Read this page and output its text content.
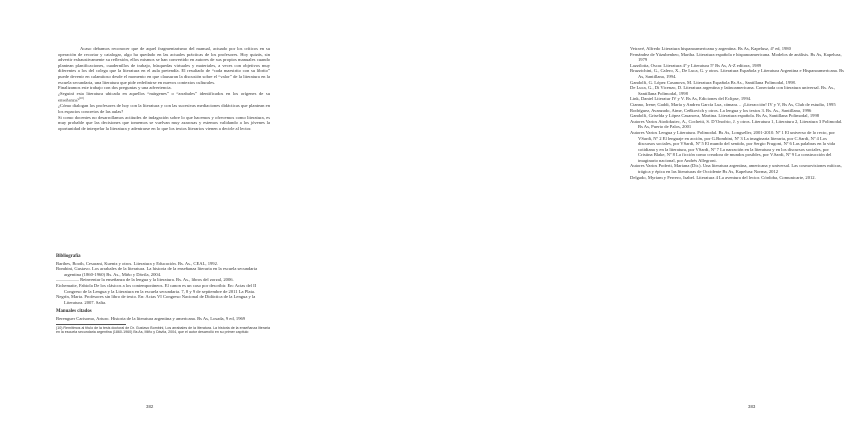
Acaso debamos reconocer que de aquel fragmentarismo del manual, actuado por los críticos en su operación de recortar y catalogar, algo ha quedado en las actuales prácticas de los profesores. Hoy quizás, sin advertir exhaustivamente su reflexión, ellos mismos se han convertido en autores de sus propios manuales cuando plantean planificaciones, cuadernillos de trabajo, búsquedas virtuales y materiales, a veces con objetivos muy diferentes a los del colega que la literatura en el aula pretendía. El resultado de “cada maestrito con su librito” puede devenir en calamitoso desde el momento en que clausuran la discusión sobre el “valor” de la literatura en la escuela secundaria, una literatura que pide redefinirse en nuevos contextos culturales.

Finalizamos este trabajo con dos preguntas y una advertencia.

¿Seguirá esta literatura ubicada en aquellos “márgenes” o “arrabales” identificados en los orígenes de su enseñanza?$^{(10)}$

¿Cómo dialogan los profesores de hoy con la literatura y con las sucesivas mediaciones didácticas que plantean en los espacios concretos de las aulas?

Si como docentes no desarrollamos actitudes de indagación sobre lo que hacemos y ofrecemos como literatura, es muy probable que las decisiones que tomemos se vuelvan muy azarosas y estemos validando a los jóvenes la oportunidad de interpelar la literatura y adentrarse en lo que los textos literarios vienen a decirle al lector.

Bibliografía

Barthes, Booth, Cesarani, Kuentz y otros. Literatura y Educación. Bs. As., CEAL, 1992.

Bombini, Gustavo. Los arrabales de la literatura. La historia de la enseñanza literaria en la escuela secundaria argentina (1860-1960) Bs. As., Miño y Dávila, 2004.

————— Reinventar la enseñanza de la lengua y la literatura. Bs. As., libros del zorzal, 2006.

Etchemaite, Fabiola De los clásicos a los contemporáneos. El canon es un caso por describir. En: Actas del II Congreso de la Lengua y la Literatura en la escuela secundaria. 7, 8 y 9 de septiembre de 2011 La Plata.

Negrín, Marta. Profesores sin libro de texto. En: Actas VI Congreso Nacional de Didáctica de la Lengua y la Literatura. 2007. Salta.

Manuales citados

Berenguer Carisomo, Arturo. Historia de la literatura argentina y americana. Bs As, Losada, 9 ed, 1969

(10) Remitimos al título de la tesis doctoral de Dr. Gustavo Bombini, Los arrabales de la literatura. La historia de la enseñanza literaria en la escuela secundaria argentina (1860-1960) Bs As, Miño y Dávila, 2004, que el autor desarrolló en su primer capítulo

382

Veiravé, Alfredo Literatura hispanoamericana y argentina. Bs As, Kapelusz, 4ª ed, 1980

Fernández de Yázubenheo, Martha. Literatura española e hispanoamericana. Modelos de análisis. Bs As, Kapelusz, 1979

Lazzilotta, Oscar. Literatura 4º y Literatura 5º Bs As, A-Z editora, 1989

Bruzzichini, G., Calero, X., De Luca, G. y otros. Literatura Española y Literatura Argentina e Hispanoamericana. Bs As, Santillana, 1994.

Gandolfi, G. López Casanova, M. Literatura Española Bs As., Santillana Polimodal, 1998.

De Luca, G., Di Vicenzo, D. Literatura argentina y latinoamericana. Conectada con literatura universal. Bs. As., Santillana Polimodal, 1998

Link, Daniel Literatur IV y V. Bs As, Ediciones del Eclipse, 1994.

Cianno, Irene; Gaddi, María y Andrea García Luz, cámara… ¡Literacción! IV y V, Bs As, Club de estudio, 1995

Rodríguez, Avanzado, Aime, Ceñkovich y otros. La lengua y los textos 3. Bs. As., Santillana, 1996

Gandolfi, Griselda y López Casanova, Martina. Literatura española. Bs As, Santillana Polimodal, 1998

Autores Varios Atodokutec, A., Cochetti, S. D’Onofrio, J. y otros. Literatura 1, Literatura 2, Literatura 3 Polimodal. Bs As, Puerto de Palos, 2001

Autores Varios Lengua y Literatura. Polimodal. Bs As, Longseller, 2001-2010. Nº 1 El universo de lo recto, por VSardi, Nº 2 El lenguaje en acción, por G.Bombini, Nº 3 La imaginaria literaria, por C.Sardi, Nº 4 Los discursos sociales, por VSardi, Nº 5 El mundo del sentido, por Sergio Frugoni, Nº 6 Las palabras en la vida cotidiana y en la literatura, por VSardi, Nº 7 La narración en la literatura y en los discursos sociales, por Cristina Blake, Nº 8 La ficción como creadora de mundos posibles, por V.Sardi, Nº 9 La construcción del imaginario nacional, por Andrés Allegroni.

Autores Varios Poderti, Mariana (Dir.). Una literatura argentina, americana y universal. Las cosmovisiones míticas, trágica y épica en las literaturas de Occidente Bs As, Kapelusz Norma, 2012

Delgado, Myriam y Ferrero, Isabel. Literatura 4 La aventura del lector. Córdoba, Comunicarte, 2012.

383
